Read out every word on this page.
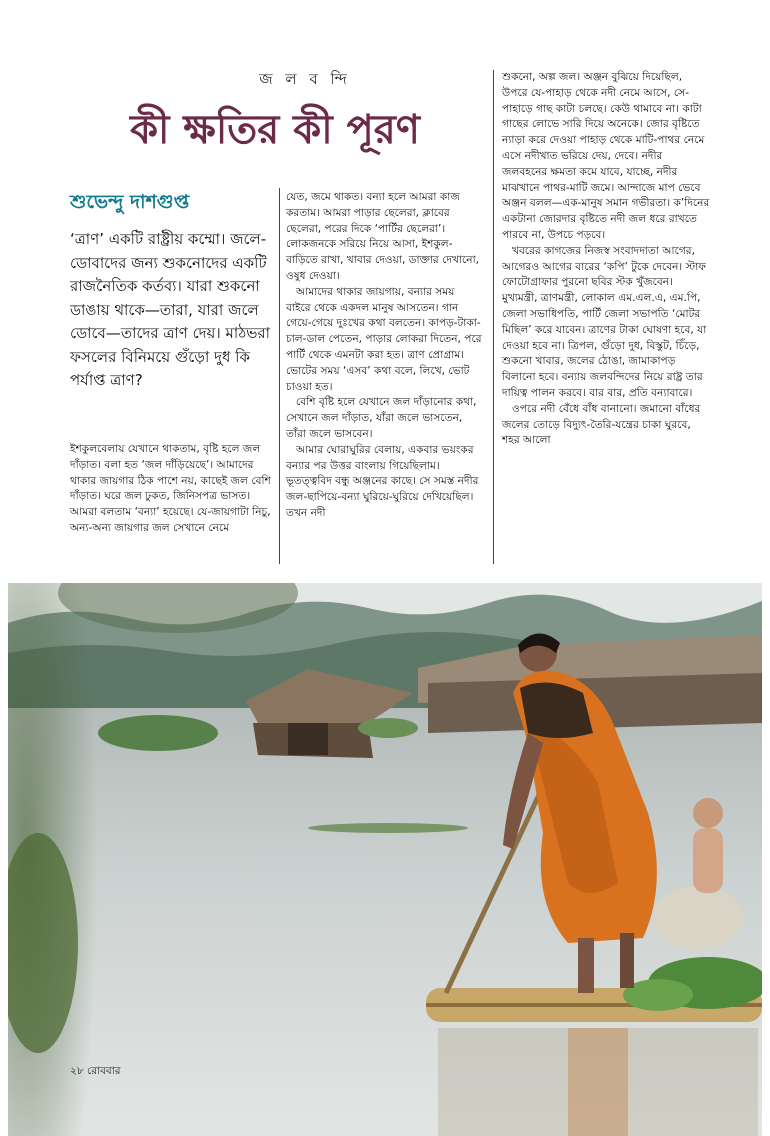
জ ল ব ন্দি
কী ক্ষতির কী পূরণ
শুভেন্দু দাশগুপ্ত

‘ত্রাণ’ একটি রাষ্ট্রীয় কম্মো। জলে-ডোবাদের জন্য শুকনোদের একটি রাজনৈতিক কর্তব্য। যারা শুকনো ডাঙায় থাকে—তারা, যারা জলে ডোবে—তাদের ত্রাণ দেয়। মাঠভরা ফসলের বিনিময়ে গুঁড়ো দুধ কি পর্যাপ্ত ত্রাণ?

ইশকুলবেলায় যেখানে থাকতাম, বৃষ্টি হলে জল দাঁড়াত। বলা হত ‘জল দাঁড়িয়েছে’। আমাদের থাকার জায়গার ঠিক পাশে নয়, কাছেই জল বেশি দাঁড়াত। ঘরে জল ঢুকত, জিনিসপত্র ভাসত। আমরা বলতাম ‘বন্যা’ হয়েছে। যে-জায়গাটা নিচু, অন্য-অন্য জায়গার জল সেখানে নেমে

যেত, জমে থাকত। বন্যা হলে আমরা কাজ করতাম। আমরা পাড়ার ছেলেরা, ক্লাবের ছেলেরা, পরের দিকে ‘পার্টির ছেলেরা’। লোকজনকে সরিয়ে নিয়ে আসা, ইশকুল-বাড়িতে রাখা, খাবার দেওয়া, ডাক্তার দেখানো, ওষুধ দেওয়া।

আমাদের থাকার জায়গায়, বন্যার সময় বাইরে থেকে একদল মানুষ আসতেন। গান গেয়ে-গেয়ে দুঃখের কথা বলতেন। কাপড়-টাকা-চাল-ডাল পেতেন, পাড়ার লোকরা দিতেন, পরে পার্টি থেকে এমনটা করা হত। ত্রাণ প্রোগ্রাম। ভোটের সময় ‘এসব’ কথা বলে, লিখে, ভোট চাওয়া হত।

বেশি বৃষ্টি হলে যেখানে জল দাঁড়ানোর কথা, সেখানে জল দাঁড়াত, যাঁরা জলে ভাসতেন, তাঁরা জলে ভাসবেন।

আমার ঘোরাঘুরির বেলায়, একবার ভয়ংকর বন্যার পর উত্তর বাংলায় গিয়েছিলাম। ভূতত্ত্ববিদ বন্ধু অঞ্জনের কাছে। সে সমস্ত নদীর জল-ছাপিয়ে-বন্যা ঘুরিয়ে-ঘুরিয়ে দেখিয়েছিল। তখন নদী

শুকনো, অল্প জল। অঞ্জন বুঝিয়ে দিয়েছিল, উপরে যে-পাহাড় থেকে নদী নেমে আসে, সে-পাহাড়ে গাছ কাটা চলছে। কেউ থামাবে না। কাটা গাছের লোভে সারি দিয়ে অনেকে। জোর বৃষ্টিতে ন্যাড়া করে দেওয়া পাহাড় থেকে মাটি-পাথর নেমে এসে নদীখাত ভরিয়ে দেয়, দেবে। নদীর জলবহনের ক্ষমতা কমে যাবে, যাচ্ছে, নদীর মাঝখানে পাথর-মাটি জমে। আন্দাজে মাপ ভেবে অঞ্জন বলল—এক-মানুষ সমান গভীরতা। ক’দিনের একটানা জোরদার বৃষ্টিতে নদী জল ধরে রাখতে পারবে না, উপচে পড়বে।

খবরের কাগজের নিজস্ব সংবাদদাতা আগের, আগেরও আগের বারের ‘কপি’ টুকে দেবেন। স্টাফ ফোটোগ্রাফার পুরনো ছবির স্টক খুঁজবেন। মুখ্যমন্ত্রী, ত্রাণমন্ত্রী, লোকাল এম.এল.এ, এম.পি, জেলা সভাধিপতি, পার্টি জেলা সভাপতি ‘মোটর মিছিল’ করে যাবেন। ত্রাণের টাকা ঘোষণা হবে, যা দেওয়া হবে না। ত্রিপল, গুঁড়ো দুধ, বিস্কুট, চিঁড়ে, শুকনো খাবার, জলের ঠোঙা, জামাকাপড় বিলানো হবে। বন্যায় জলবন্দিদের নিয়ে রাষ্ট্র তার দায়িত্ব পালন করবে। বার বার, প্রতি বন্যাবারে।

ওপরে নদী বেঁধে বাঁধ বানানো। জমানো বাঁধের জলের তোড়ে বিদ্যুৎ-তৈরি-যন্ত্রের চাকা ঘুরবে, শহর আলো

২৮ রোববার
